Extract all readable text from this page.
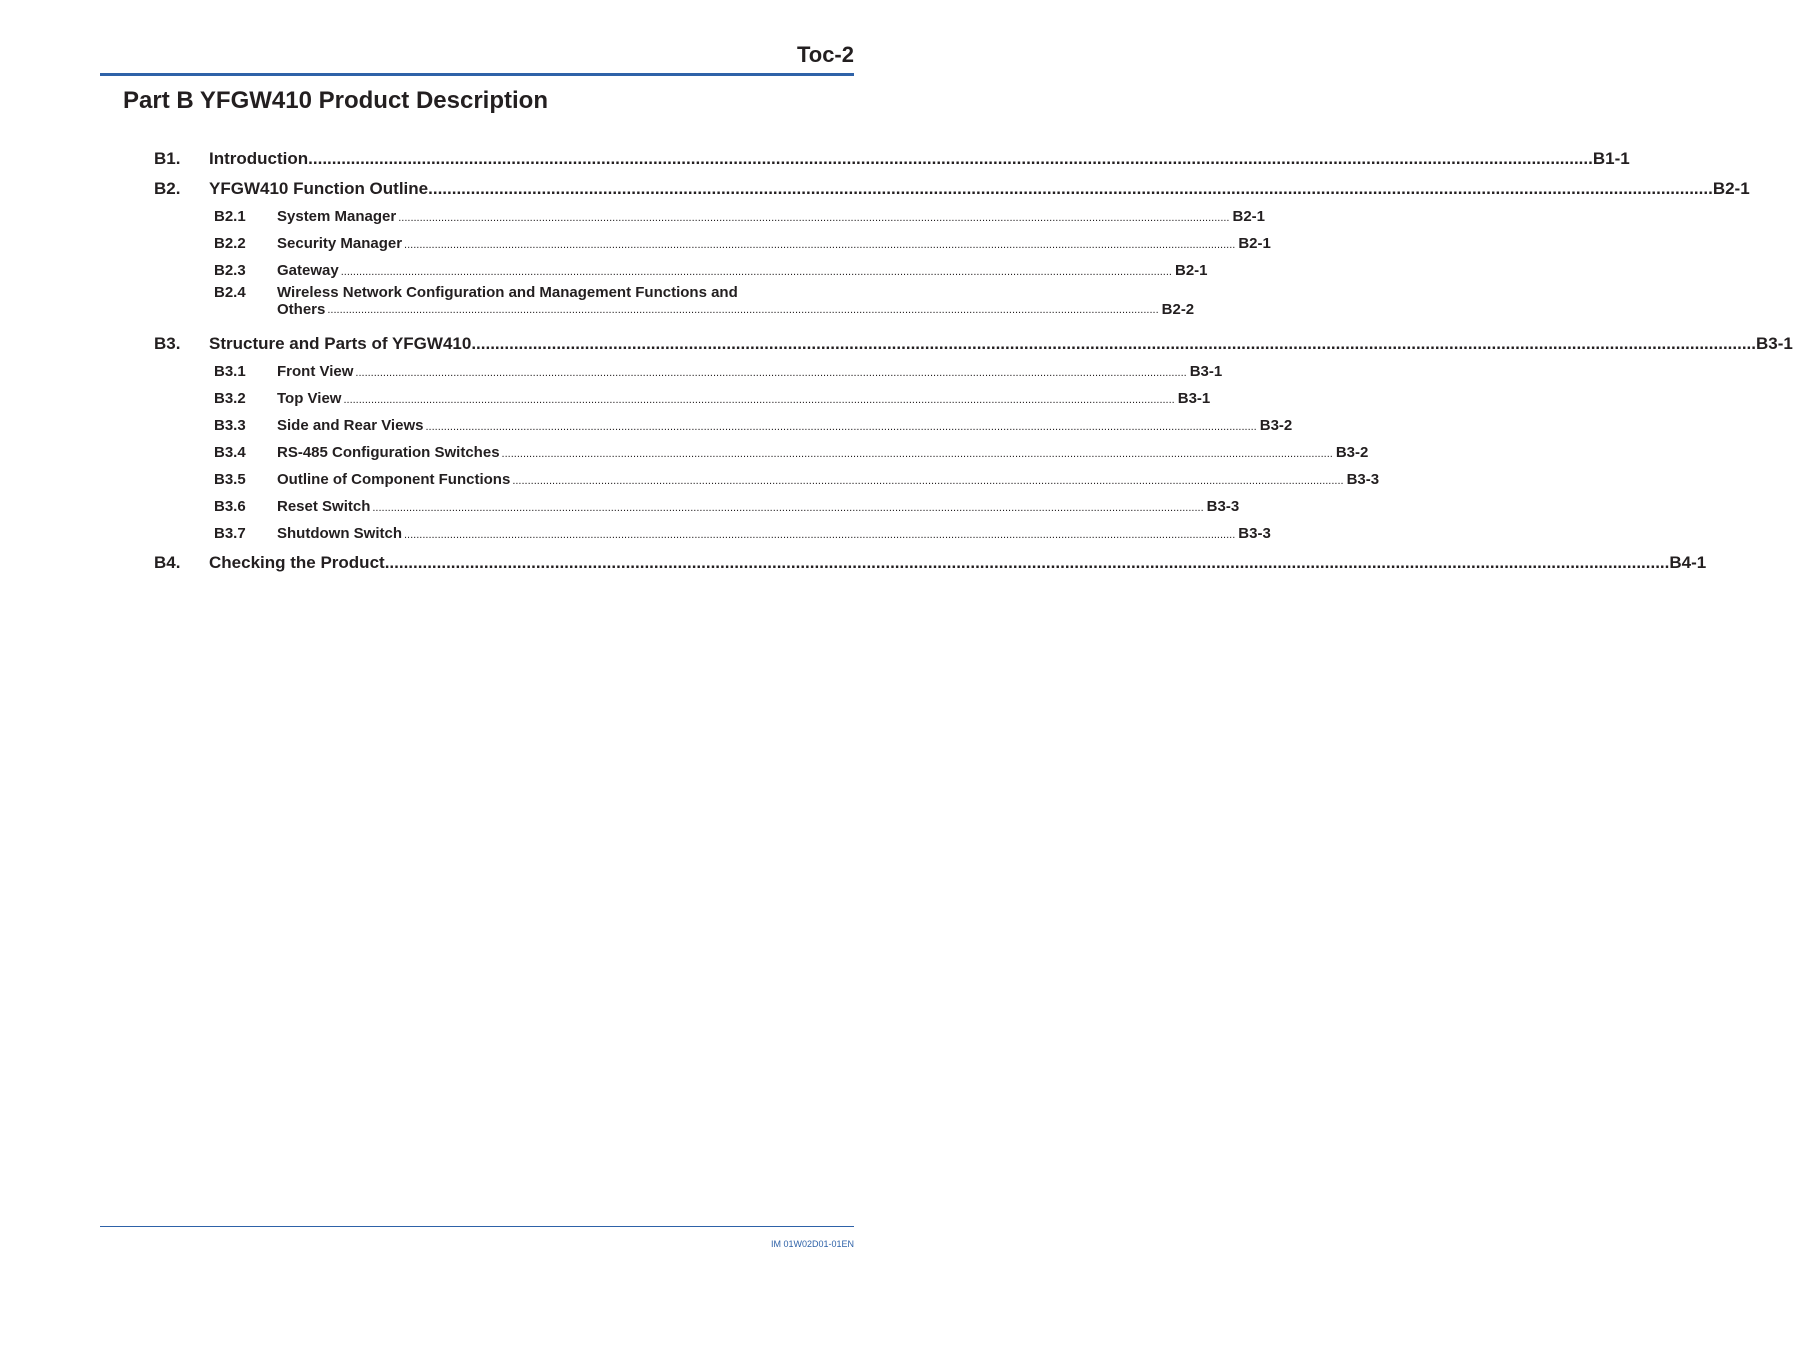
Toc-2
Part B YFGW410 Product Description
B1.	Introduction .....	B1-1
B2.	YFGW410 Function Outline .....	B2-1
B2.1	System Manager .....	B2-1
B2.2	Security Manager .....	B2-1
B2.3	Gateway .....	B2-1
B2.4	Wireless Network Configuration and Management Functions and
Others .....	B2-2
B3.	Structure and Parts of YFGW410 .....	B3-1
B3.1	Front View .....	B3-1
B3.2	Top View .....	B3-1
B3.3	Side and Rear Views .....	B3-2
B3.4	RS-485 Configuration Switches .....	B3-2
B3.5	Outline of Component Functions .....	B3-3
B3.6	Reset Switch .....	B3-3
B3.7	Shutdown Switch .....	B3-3
B4.	Checking the Product .....	B4-1
IM 01W02D01-01EN
